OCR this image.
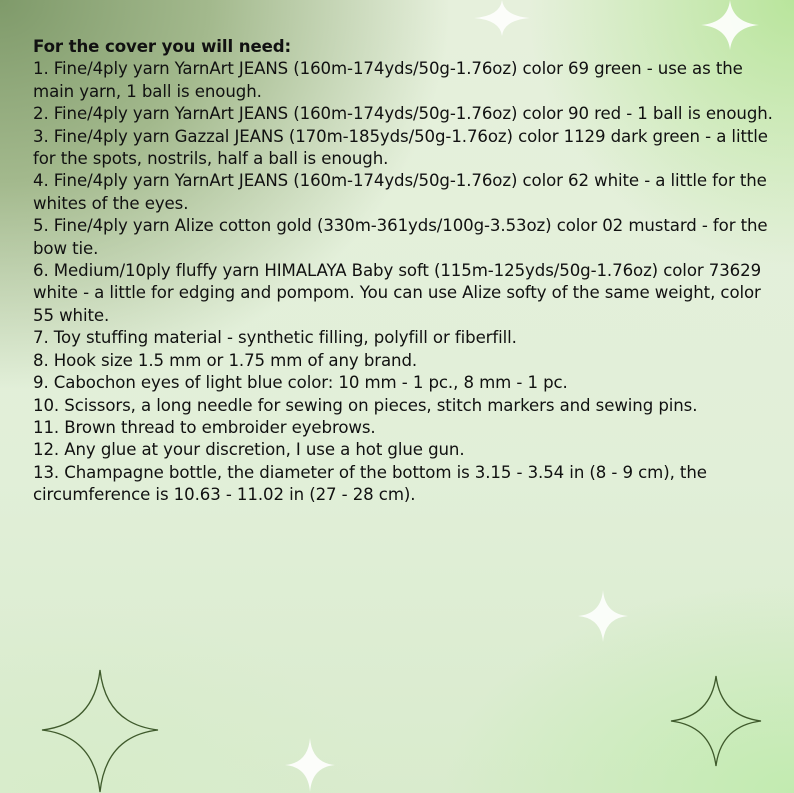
For the cover you will need:

1. Fine/4ply yarn YarnArt JEANS (160m-174yds/50g-1.76oz) color 69 green - use as the main yarn, 1 ball is enough.

2. Fine/4ply yarn YarnArt JEANS (160m-174yds/50g-1.76oz) color 90 red - 1 ball is enough.

3. Fine/4ply yarn Gazzal JEANS (170m-185yds/50g-1.76oz) color 1129 dark green - a little for the spots, nostrils, half a ball is enough.

4. Fine/4ply yarn YarnArt JEANS (160m-174yds/50g-1.76oz) color 62 white - a little for the whites of the eyes.

5. Fine/4ply yarn Alize cotton gold (330m-361yds/100g-3.53oz) color 02 mustard - for the bow tie.

6. Medium/10ply fluffy yarn HIMALAYA Baby soft (115m-125yds/50g-1.76oz) color 73629 white - a little for edging and pompom. You can use Alize softy of the same weight, color 55 white.

7. Toy stuffing material - synthetic filling, polyfill or fiberfill.

8. Hook size 1.5 mm or 1.75 mm of any brand.

9. Cabochon eyes of light blue color: 10 mm - 1 pc., 8 mm - 1 pc.

10. Scissors, a long needle for sewing on pieces, stitch markers and sewing pins.

11. Brown thread to embroider eyebrows.

12. Any glue at your discretion, I use a hot glue gun.

13. Champagne bottle, the diameter of the bottom is 3.15 - 3.54 in (8 - 9 cm), the circumference is 10.63 - 11.02 in (27 - 28 cm).
